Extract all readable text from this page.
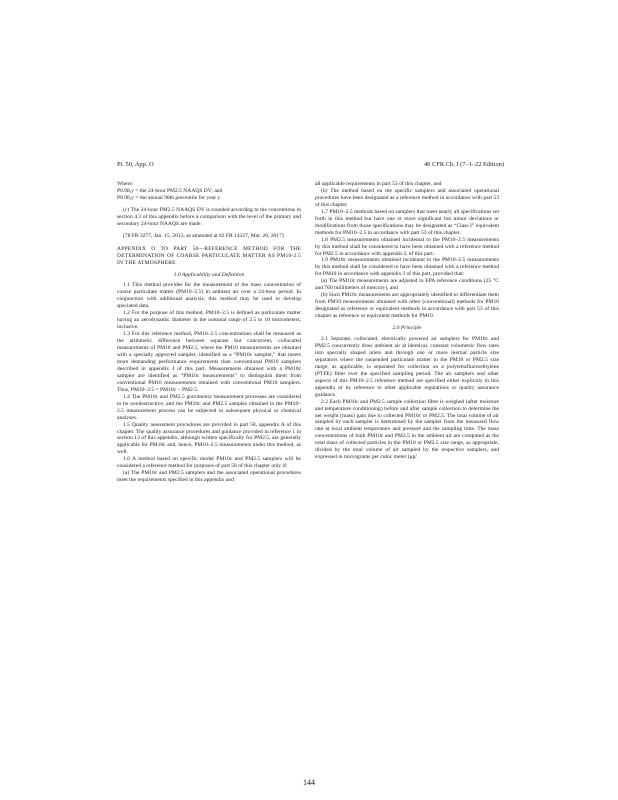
Pt. 50, App. O	40 CFR Ch. I (7–1–22 Edition)

Where:

P0.98,y = the 24-hour PM2.5 NAAQS DV; and

P0.98,y = the annual 98th percentile for year y

(c) The 24-hour PM2.5 NAAQS DV is rounded according to the conventions in section 4.3 of this appendix before a comparison with the level of the primary and secondary 24-hour NAAQS are made.

[78 FR 3277, Jan. 15, 2013, as amended at 82 FR 14327, Mar. 20, 2017]

APPENDIX O TO PART 50—REFERENCE METHOD FOR THE DETERMINATION OF COARSE PARTICULATE MATTER AS PM10-2.5 IN THE ATMOSPHERE
1.0 Applicability and Definition

1.1 This method provides for the measurement of the mass concentration of coarse particulate matter (PM10–2.5) in ambient air over a 24-hour period. In conjunction with additional analysis, this method may be used to develop speciated data.

1.2 For the purpose of this method, PM10–2.5 is defined as particulate matter having an aerodynamic diameter in the nominal range of 2.5 to 10 micrometers, inclusive.

1.3 For this reference method, PM10–2.5 concentrations shall be measured as the arithmetic difference between separate but concurrent, collocated measurements of PM10 and PM2.5, where the PM10 measurements are obtained with a specially approved sampler, identified as a “PM10c sampler,” that meets more demanding performance requirements than conventional PM10 samplers described in appendix J of this part. Measurements obtained with a PM10c sampler are identified as “PM10c measurements” to distinguish them from conventional PM10 measurements obtained with conventional PM10 samplers. Thus, PM10–2.5 = PM10c − PM2.5.

1.4 The PM10c and PM2.5 gravimetric measurement processes are considered to be nondestructive, and the PM10c and PM2.5 samples obtained in the PM10–2.5 measurement process can be subjected to subsequent physical or chemical analyses.

1.5 Quality assessment procedures are provided in part 58, appendix A of this chapter. The quality assurance procedures and guidance provided in reference 1 in section 13 of this appendix, although written specifically for PM2.5, are generally applicable for PM10c and, hence, PM10–2.5 measurements under this method, as well.

1.6 A method based on specific model PM10c and PM2.5 samplers will be considered a reference method for purposes of part 58 of this chapter only if:

(a) The PM10c and PM2.5 samplers and the associated operational procedures meet the requirements specified in this appendix and

all applicable requirements in part 53 of this chapter, and

(b) The method based on the specific samplers and associated operational procedures have been designated as a reference method in accordance with part 53 of this chapter.

1.7 PM10–2.5 methods based on samplers that meet nearly all specifications set forth in this method but have one or more significant but minor deviations or modifications from those specifications may be designated as “Class I” equivalent methods for PM10–2.5 in accordance with part 53 of this chapter.

1.8 PM2.5 measurements obtained incidental to the PM10–2.5 measurements by this method shall be considered to have been obtained with a reference method for PM2.5 in accordance with appendix L of this part.

1.9 PM10c measurements obtained incidental to the PM10–2.5 measurements by this method shall be considered to have been obtained with a reference method for PM10 in accordance with appendix J of this part, provided that:

(a) The PM10c measurements are adjusted to EPA reference conditions (25 °C and 760 millimeters of mercury), and

(b) Such PM10c measurements are appropriately identified to differentiate them from PM10 measurements obtained with other (conventional) methods for PM10 designated as reference or equivalent methods in accordance with part 53 of this chapter as reference or equivalent methods for PM10.

2.0 Principle

2.1 Separate, collocated, electrically powered air samplers for PM10c and PM2.5 concurrently draw ambient air at identical, constant volumetric flow rates into specially shaped inlets and through one or more inertial particle size separators where the suspended particulate matter in the PM10 or PM2.5 size range, as applicable, is separated for collection on a polytetrafluoroethylene (PTFE) filter over the specified sampling period. The air samplers and other aspects of this PM10–2.5 reference method are specified either explicitly in this appendix or by reference to other applicable regulations or quality assurance guidance.

2.2 Each PM10c and PM2.5 sample collection filter is weighed (after moisture and temperature conditioning) before and after sample collection to determine the net weight (mass) gain due to collected PM10c or PM2.5. The total volume of air sampled by each sampler is determined by the sampler from the measured flow rate at local ambient temperature and pressure and the sampling time. The mass concentrations of both PM10c and PM2.5 in the ambient air are computed as the total mass of collected particles in the PM10 or PM2.5 size range, as appropriate, divided by the total volume of air sampled by the respective samplers, and expressed in micrograms per cubic meter (μg/

144
